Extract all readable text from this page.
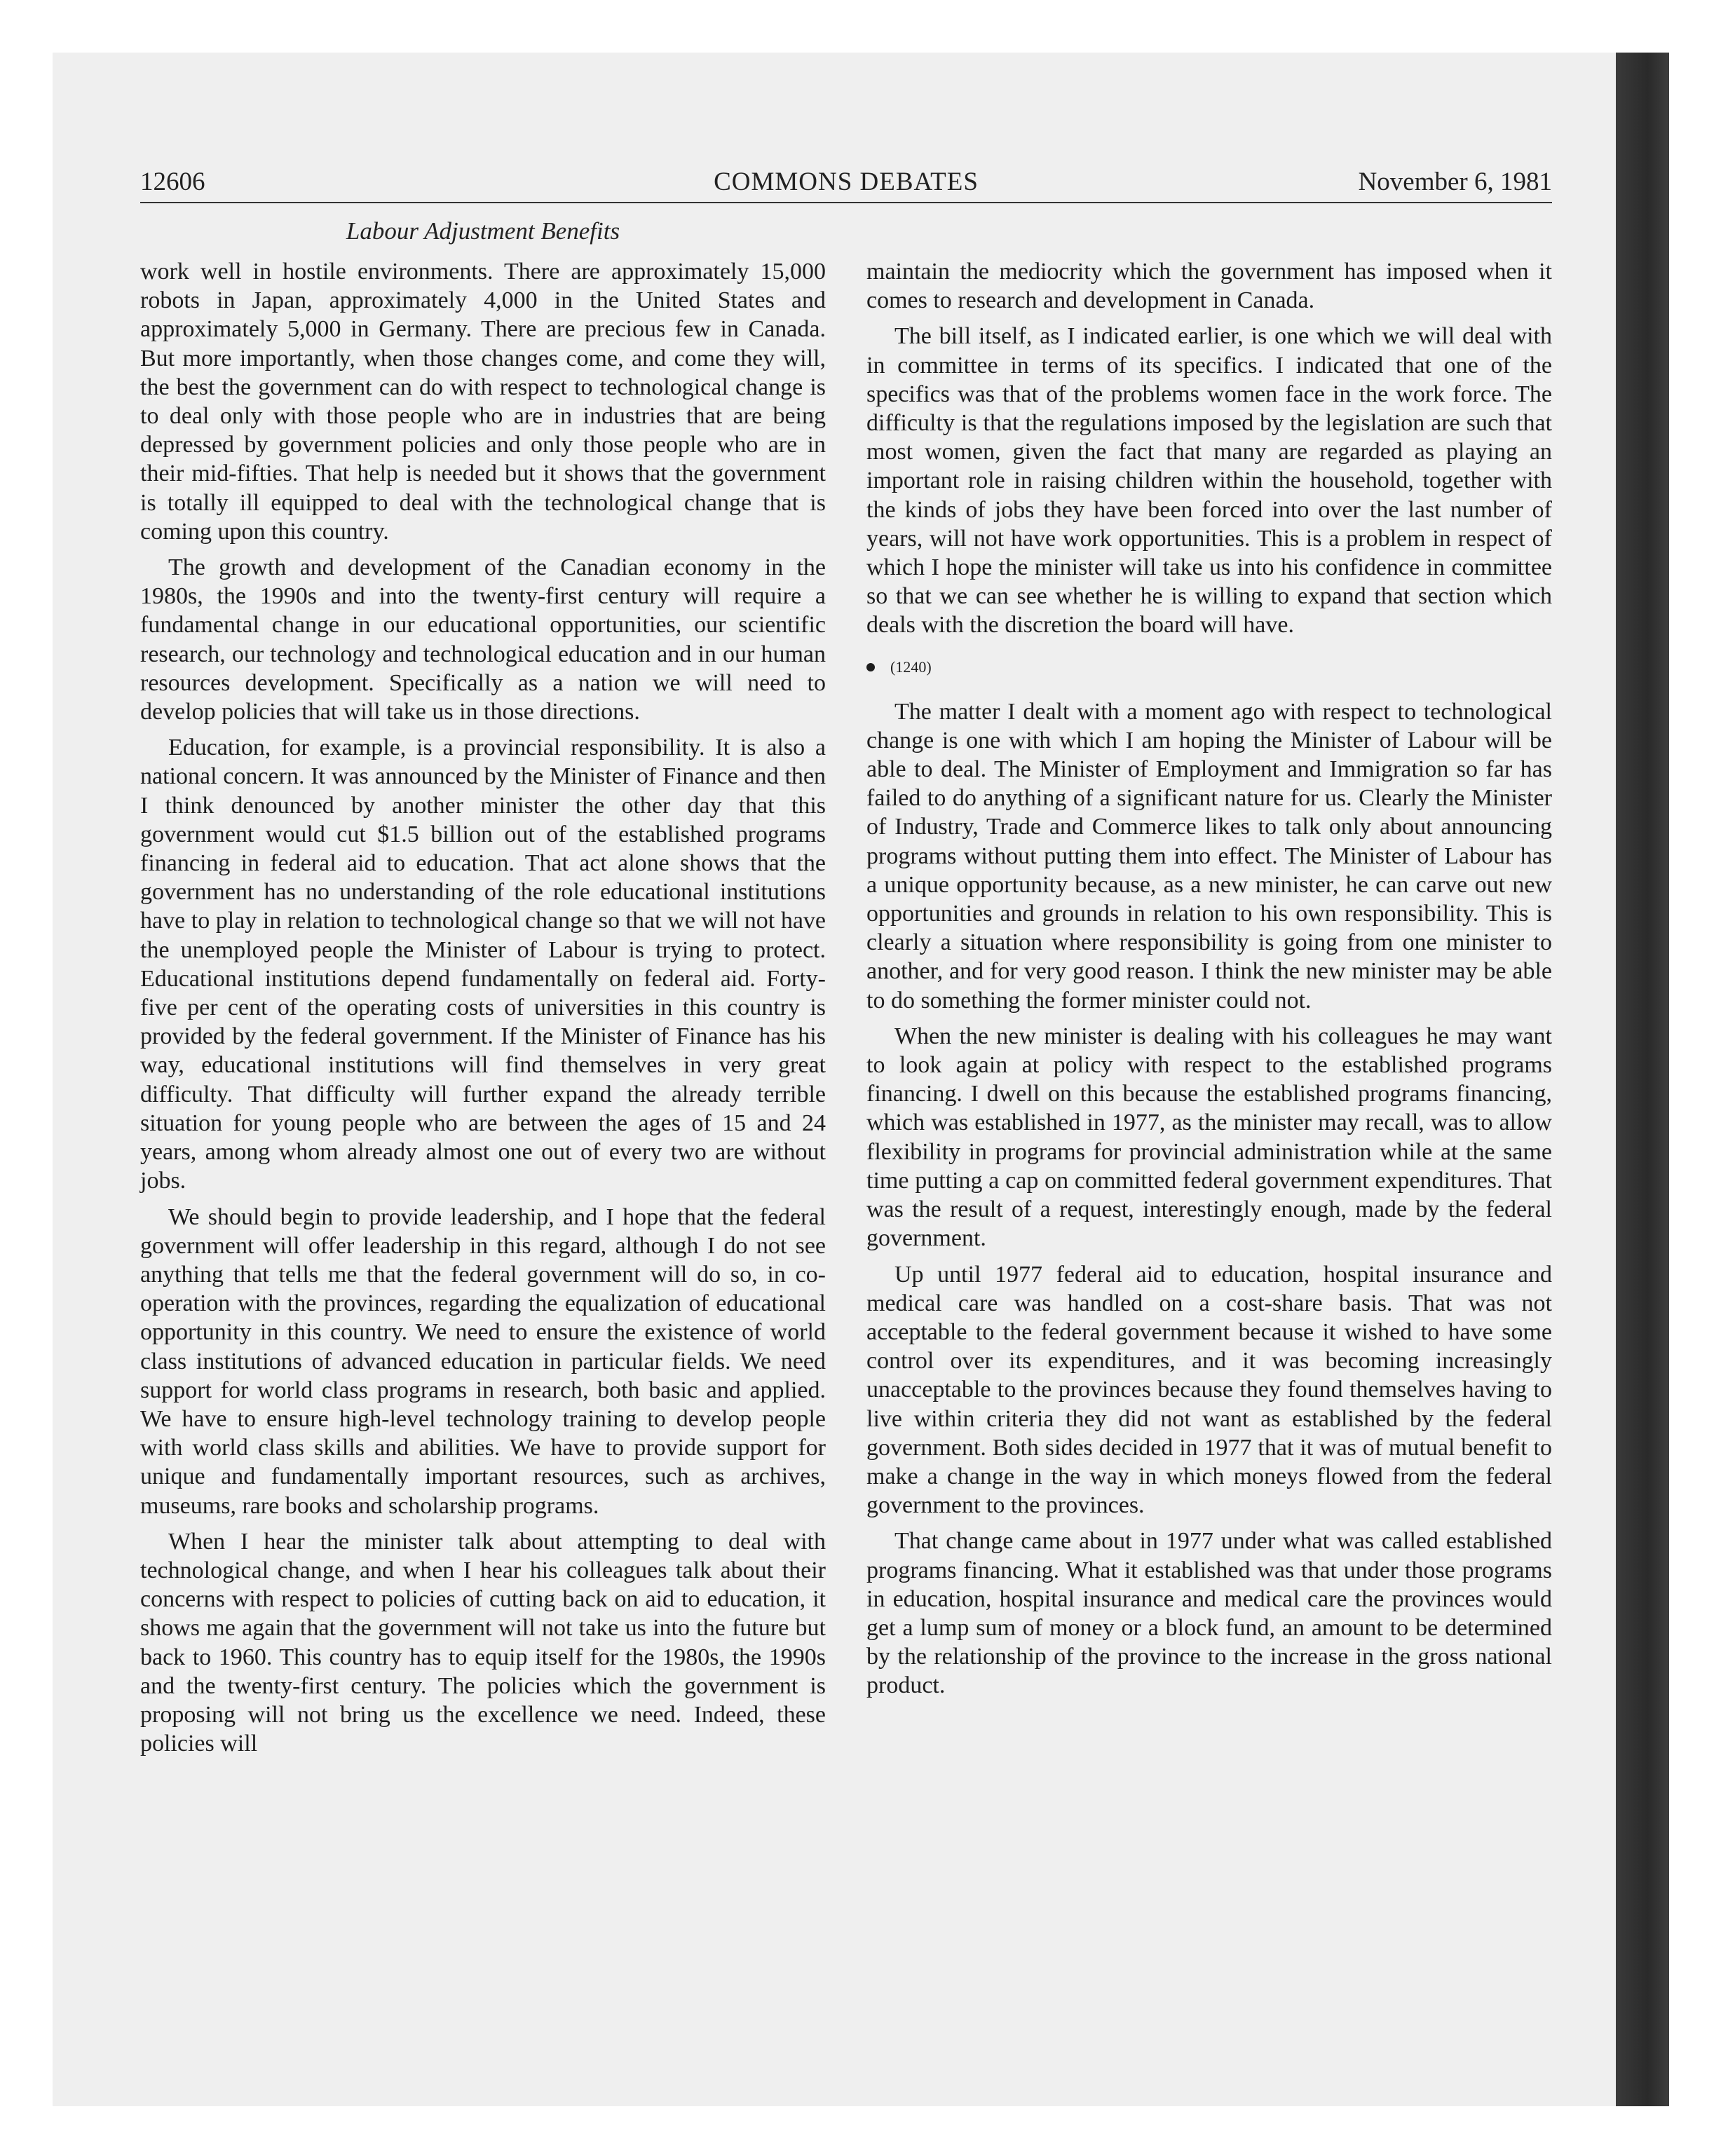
12606	COMMONS DEBATES	November 6, 1981
Labour Adjustment Benefits

work well in hostile environments. There are approximately 15,000 robots in Japan, approximately 4,000 in the United States and approximately 5,000 in Germany. There are precious few in Canada. But more importantly, when those changes come, and come they will, the best the government can do with respect to technological change is to deal only with those people who are in industries that are being depressed by government policies and only those people who are in their mid-fifties. That help is needed but it shows that the government is totally ill equipped to deal with the technological change that is coming upon this country.

The growth and development of the Canadian economy in the 1980s, the 1990s and into the twenty-first century will require a fundamental change in our educational opportunities, our scientific research, our technology and technological education and in our human resources development. Specifically as a nation we will need to develop policies that will take us in those directions.

Education, for example, is a provincial responsibility. It is also a national concern. It was announced by the Minister of Finance and then I think denounced by another minister the other day that this government would cut $1.5 billion out of the established programs financing in federal aid to education. That act alone shows that the government has no understanding of the role educational institutions have to play in relation to technological change so that we will not have the unemployed people the Minister of Labour is trying to protect. Educational institutions depend fundamentally on federal aid. Forty-five per cent of the operating costs of universities in this country is provided by the federal government. If the Minister of Finance has his way, educational institutions will find themselves in very great difficulty. That difficulty will further expand the already terrible situation for young people who are between the ages of 15 and 24 years, among whom already almost one out of every two are without jobs.

We should begin to provide leadership, and I hope that the federal government will offer leadership in this regard, although I do not see anything that tells me that the federal government will do so, in co-operation with the provinces, regarding the equalization of educational opportunity in this country. We need to ensure the existence of world class institutions of advanced education in particular fields. We need support for world class programs in research, both basic and applied. We have to ensure high-level technology training to develop people with world class skills and abilities. We have to provide support for unique and fundamentally important resources, such as archives, museums, rare books and scholarship programs.

When I hear the minister talk about attempting to deal with technological change, and when I hear his colleagues talk about their concerns with respect to policies of cutting back on aid to education, it shows me again that the government will not take us into the future but back to 1960. This country has to equip itself for the 1980s, the 1990s and the twenty-first century. The policies which the government is proposing will not bring us the excellence we need. Indeed, these policies will

maintain the mediocrity which the government has imposed when it comes to research and development in Canada.

The bill itself, as I indicated earlier, is one which we will deal with in committee in terms of its specifics. I indicated that one of the specifics was that of the problems women face in the work force. The difficulty is that the regulations imposed by the legislation are such that most women, given the fact that many are regarded as playing an important role in raising children within the household, together with the kinds of jobs they have been forced into over the last number of years, will not have work opportunities. This is a problem in respect of which I hope the minister will take us into his confidence in committee so that we can see whether he is willing to expand that section which deals with the discretion the board will have.

(1240)

The matter I dealt with a moment ago with respect to technological change is one with which I am hoping the Minister of Labour will be able to deal. The Minister of Employment and Immigration so far has failed to do anything of a significant nature for us. Clearly the Minister of Industry, Trade and Commerce likes to talk only about announcing programs without putting them into effect. The Minister of Labour has a unique opportunity because, as a new minister, he can carve out new opportunities and grounds in relation to his own responsibility. This is clearly a situation where responsibility is going from one minister to another, and for very good reason. I think the new minister may be able to do something the former minister could not.

When the new minister is dealing with his colleagues he may want to look again at policy with respect to the established programs financing. I dwell on this because the established programs financing, which was established in 1977, as the minister may recall, was to allow flexibility in programs for provincial administration while at the same time putting a cap on committed federal government expenditures. That was the result of a request, interestingly enough, made by the federal government.

Up until 1977 federal aid to education, hospital insurance and medical care was handled on a cost-share basis. That was not acceptable to the federal government because it wished to have some control over its expenditures, and it was becoming increasingly unacceptable to the provinces because they found themselves having to live within criteria they did not want as established by the federal government. Both sides decided in 1977 that it was of mutual benefit to make a change in the way in which moneys flowed from the federal government to the provinces.

That change came about in 1977 under what was called established programs financing. What it established was that under those programs in education, hospital insurance and medical care the provinces would get a lump sum of money or a block fund, an amount to be determined by the relationship of the province to the increase in the gross national product.
